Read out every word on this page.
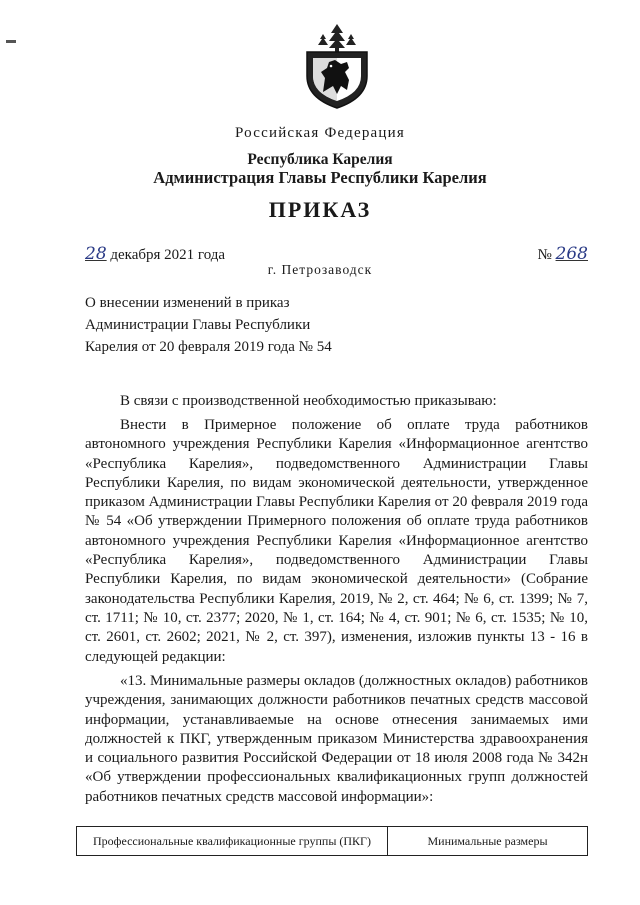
Российская Федерация
Республика Карелия
Администрация Главы Республики Карелия
ПРИКАЗ
28 декабря 2021 года	№ 268
г. Петрозаводск
О внесении изменений в приказ
Администрации Главы Республики
Карелия от 20 февраля 2019 года № 54
В связи с производственной необходимостью приказываю:

Внести в Примерное положение об оплате труда работников автономного учреждения Республики Карелия «Информационное агентство «Республика Карелия», подведомственного Администрации Главы Республики Карелия, по видам экономической деятельности, утвержденное приказом Администрации Главы Республики Карелия от 20 февраля 2019 года № 54 «Об утверждении Примерного положения об оплате труда работников автономного учреждения Республики Карелия «Информационное агентство «Республика Карелия», подведомственного Администрации Главы Республики Карелия, по видам экономической деятельности» (Собрание законодательства Республики Карелия, 2019, № 2, ст. 464; № 6, ст. 1399; № 7, ст. 1711; № 10, ст. 2377; 2020, № 1, ст. 164; № 4, ст. 901; № 6, ст. 1535; № 10, ст. 2601, ст. 2602; 2021, № 2, ст. 397), изменения, изложив пункты 13 - 16 в следующей редакции:

«13. Минимальные размеры окладов (должностных окладов) работников учреждения, занимающих должности работников печатных средств массовой информации, устанавливаемые на основе отнесения занимаемых ими должностей к ПКГ, утвержденным приказом Министерства здравоохранения и социального развития Российской Федерации от 18 июля 2008 года № 342н «Об утверждении профессиональных квалификационных групп должностей работников печатных средств массовой информации»:

Профессиональные квалификационные группы (ПКГ)	Минимальные размеры
